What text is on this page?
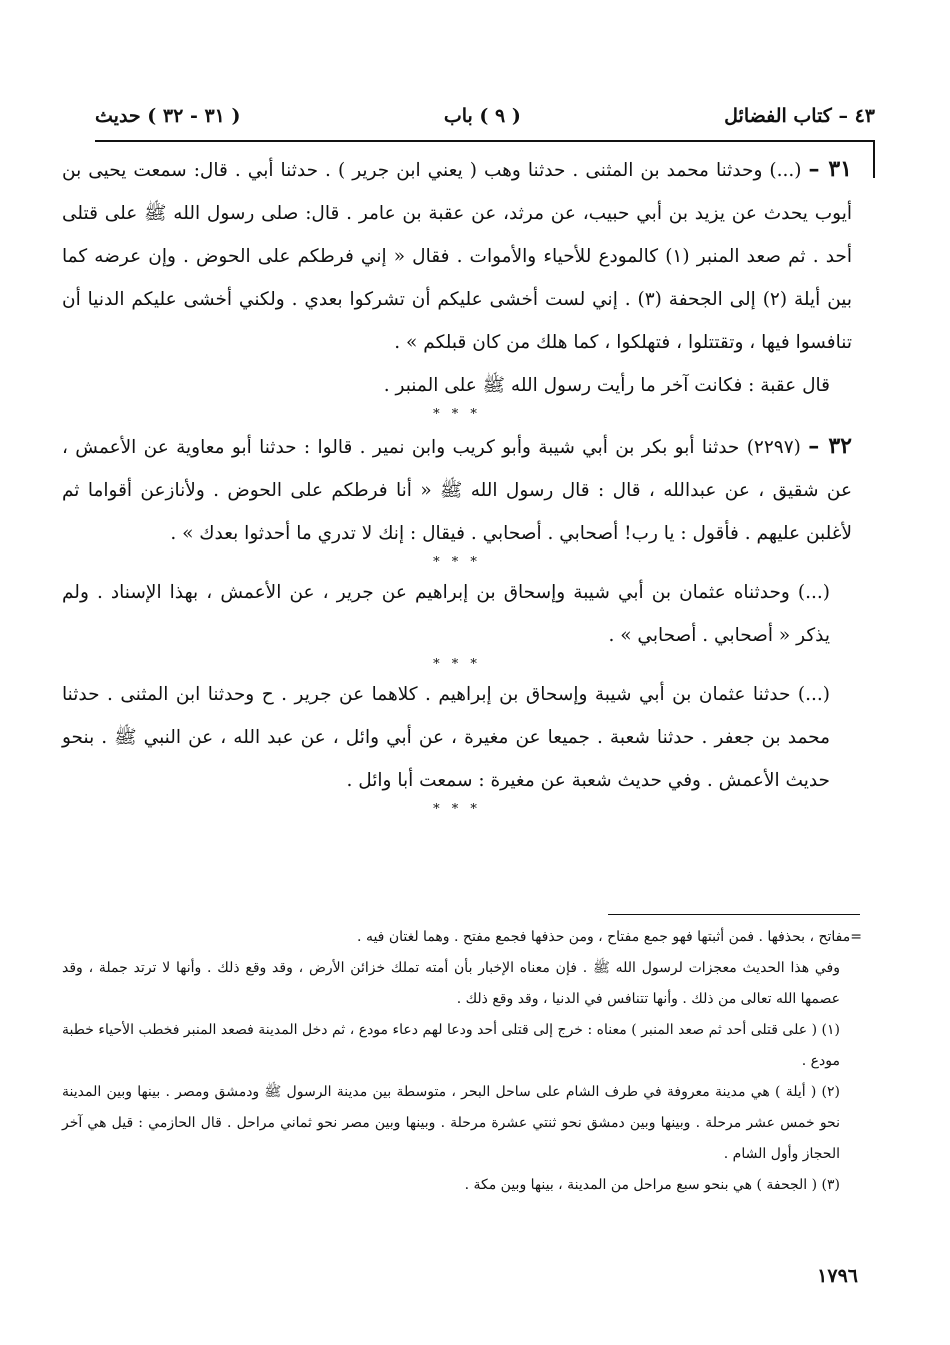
٤٣ – كتاب الفضائل
( ٩ ) باب
( ٣١ - ٣٢ ) حديث

٣١ – (...) وحدثنا محمد بن المثنى . حدثنا وهب ( يعني ابن جرير ) . حدثنا أبي . قال: سمعت يحيى بن أيوب يحدث عن يزيد بن أبي حبيب، عن مرثد، عن عقبة بن عامر . قال: صلى رسول الله ﷺ على قتلى أحد . ثم صعد المنبر (١) كالمودع للأحياء والأموات . فقال « إني فرطكم على الحوض . وإن عرضه كما بين أيلة (٢) إلى الجحفة (٣) . إني لست أخشى عليكم أن تشركوا بعدي . ولكني أخشى عليكم الدنيا أن تنافسوا فيها ، وتقتتلوا ، فتهلكوا ، كما هلك من كان قبلكم » .

قال عقبة : فكانت آخر ما رأيت رسول الله ﷺ على المنبر .

* * *

٣٢ – (٢٢٩٧) حدثنا أبو بكر بن أبي شيبة وأبو كريب وابن نمير . قالوا : حدثنا أبو معاوية عن الأعمش ، عن شقيق ، عن عبدالله ، قال : قال رسول الله ﷺ « أنا فرطكم على الحوض . ولأنازعن أقواما ثم لأغلبن عليهم . فأقول : يا رب! أصحابي . أصحابي . فيقال : إنك لا تدري ما أحدثوا بعدك » .

* * *

(...) وحدثناه عثمان بن أبي شيبة وإسحاق بن إبراهيم عن جرير ، عن الأعمش ، بهذا الإسناد . ولم يذكر « أصحابي . أصحابي » .

* * *

(...) حدثنا عثمان بن أبي شيبة وإسحاق بن إبراهيم . كلاهما عن جرير . ح وحدثنا ابن المثنى . حدثنا محمد بن جعفر . حدثنا شعبة . جميعا عن مغيرة ، عن أبي وائل ، عن عبد الله ، عن النبي ﷺ . بنحو حديث الأعمش . وفي حديث شعبة عن مغيرة : سمعت أبا وائل .

* * *

=مفاتح ، بحذفها . فمن أثبتها فهو جمع مفتاح ، ومن حذفها فجمع مفتح . وهما لغتان فيه .

وفي هذا الحديث معجزات لرسول الله ﷺ . فإن معناه الإخبار بأن أمته تملك خزائن الأرض ، وقد وقع ذلك . وأنها لا ترتد جملة ، وقد عصمها الله تعالى من ذلك . وأنها تتنافس في الدنيا ، وقد وقع ذلك .

(١) ( على قتلى أحد ثم صعد المنبر ) معناه : خرج إلى قتلى أحد ودعا لهم دعاء مودع ، ثم دخل المدينة فصعد المنبر فخطب الأحياء خطبة مودع .

(٢) ( أيلة ) هي مدينة معروفة في طرف الشام على ساحل البحر ، متوسطة بين مدينة الرسول ﷺ ودمشق ومصر . بينها وبين المدينة نحو خمس عشر مرحلة . وبينها وبين دمشق نحو ثنتي عشرة مرحلة . وبينها وبين مصر نحو ثماني مراحل . قال الحازمي : قيل هي آخر الحجاز وأول الشام .

(٣) ( الجحفة ) هي بنحو سبع مراحل من المدينة ، بينها وبين مكة .

١٧٩٦
